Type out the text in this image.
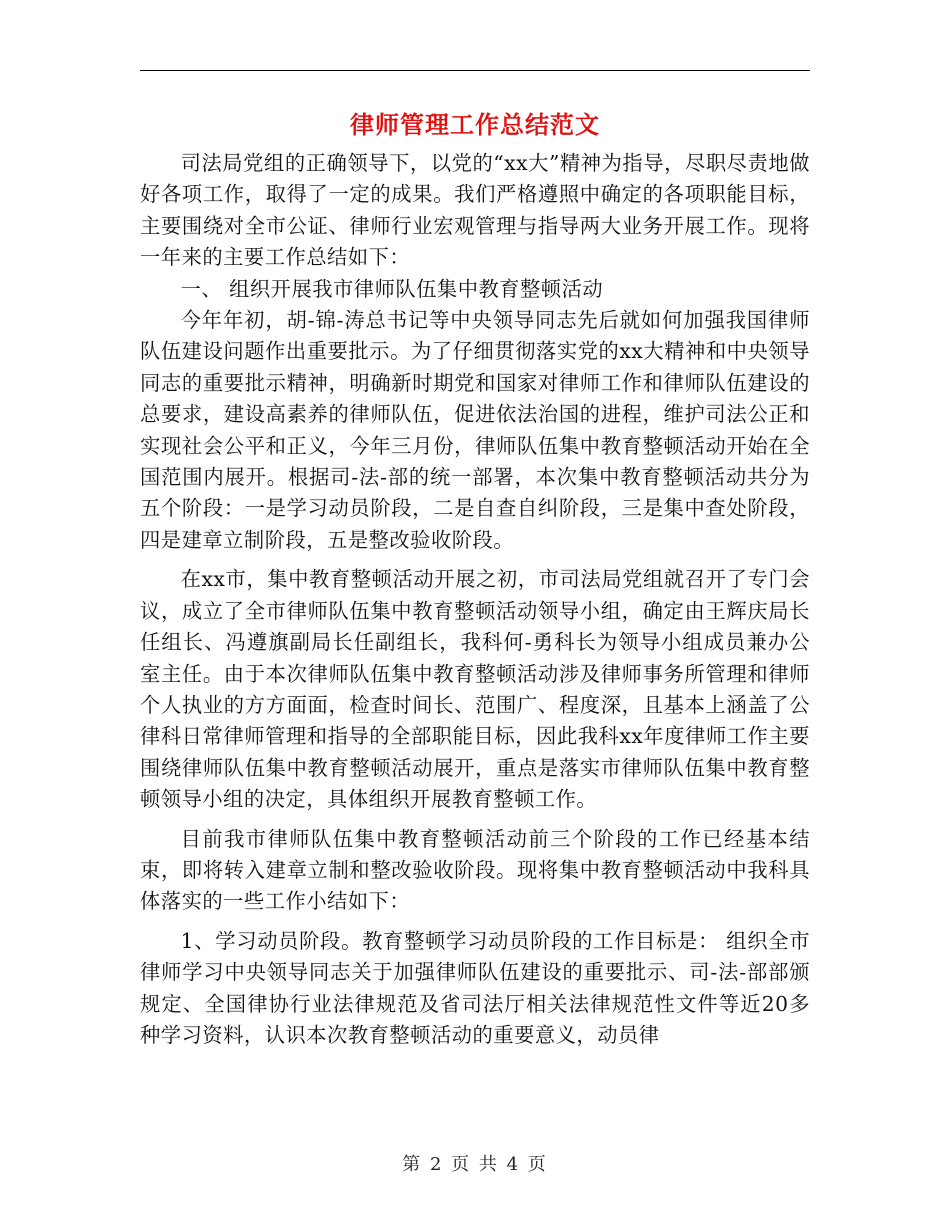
律师管理工作总结范文

司法局党组的正确领导下，以党的“xx大”精神为指导，尽职尽责地做好各项工作，取得了一定的成果。我们严格遵照中确定的各项职能目标，主要围绕对全市公证、律师行业宏观管理与指导两大业务开展工作。现将一年来的主要工作总结如下：

一、 组织开展我市律师队伍集中教育整顿活动

今年年初，胡-锦-涛总书记等中央领导同志先后就如何加强我国律师队伍建设问题作出重要批示。为了仔细贯彻落实党的xx大精神和中央领导同志的重要批示精神，明确新时期党和国家对律师工作和律师队伍建设的总要求，建设高素养的律师队伍，促进依法治国的进程，维护司法公正和实现社会公平和正义，今年三月份，律师队伍集中教育整顿活动开始在全国范围内展开。根据司-法-部的统一部署，本次集中教育整顿活动共分为五个阶段：一是学习动员阶段，二是自查自纠阶段，三是集中查处阶段，四是建章立制阶段，五是整改验收阶段。

在xx市，集中教育整顿活动开展之初，市司法局党组就召开了专门会议，成立了全市律师队伍集中教育整顿活动领导小组，确定由王辉庆局长任组长、冯遵旗副局长任副组长，我科何-勇科长为领导小组成员兼办公室主任。由于本次律师队伍集中教育整顿活动涉及律师事务所管理和律师个人执业的方方面面，检查时间长、范围广、程度深，且基本上涵盖了公律科日常律师管理和指导的全部职能目标，因此我科xx年度律师工作主要围绕律师队伍集中教育整顿活动展开，重点是落实市律师队伍集中教育整顿领导小组的决定，具体组织开展教育整顿工作。

目前我市律师队伍集中教育整顿活动前三个阶段的工作已经基本结束，即将转入建章立制和整改验收阶段。现将集中教育整顿活动中我科具体落实的一些工作小结如下：

1、学习动员阶段。教育整顿学习动员阶段的工作目标是： 组织全市律师学习中央领导同志关于加强律师队伍建设的重要批示、司-法-部部颁规定、全国律协行业法律规范及省司法厅相关法律规范性文件等近20多种学习资料，认识本次教育整顿活动的重要意义，动员律

第 2 页 共 4 页
